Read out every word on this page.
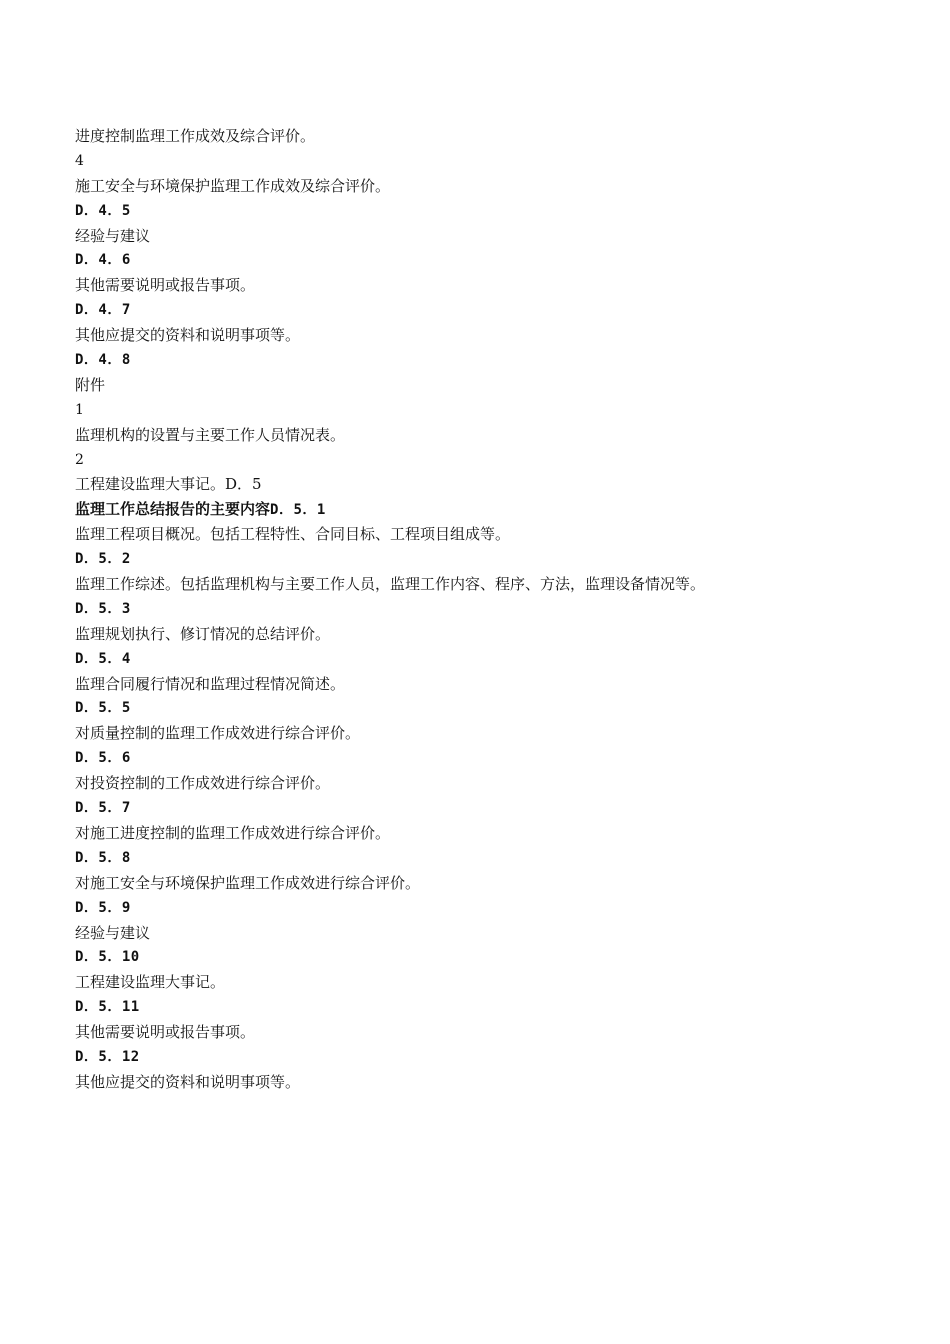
进度控制监理工作成效及综合评价。
4
施工安全与环境保护监理工作成效及综合评价。
D．4．5
经验与建议
D．4．6
其他需要说明或报告事项。
D．4．7
其他应提交的资料和说明事项等。
D．4．8
附件
1
监理机构的设置与主要工作人员情况表。
2
工程建设监理大事记。D．5
监理工作总结报告的主要内容D．5．1
监理工程项目概况。包括工程特性、合同目标、工程项目组成等。
D．5．2
监理工作综述。包括监理机构与主要工作人员，监理工作内容、程序、方法，监理设备情况等。
D．5．3
监理规划执行、修订情况的总结评价。
D．5．4
监理合同履行情况和监理过程情况简述。
D．5．5
对质量控制的监理工作成效进行综合评价。
D．5．6
对投资控制的工作成效进行综合评价。
D．5．7
对施工进度控制的监理工作成效进行综合评价。
D．5．8
对施工安全与环境保护监理工作成效进行综合评价。
D．5．9
经验与建议
D．5．10
工程建设监理大事记。
D．5．11
其他需要说明或报告事项。
D．5．12
其他应提交的资料和说明事项等。
